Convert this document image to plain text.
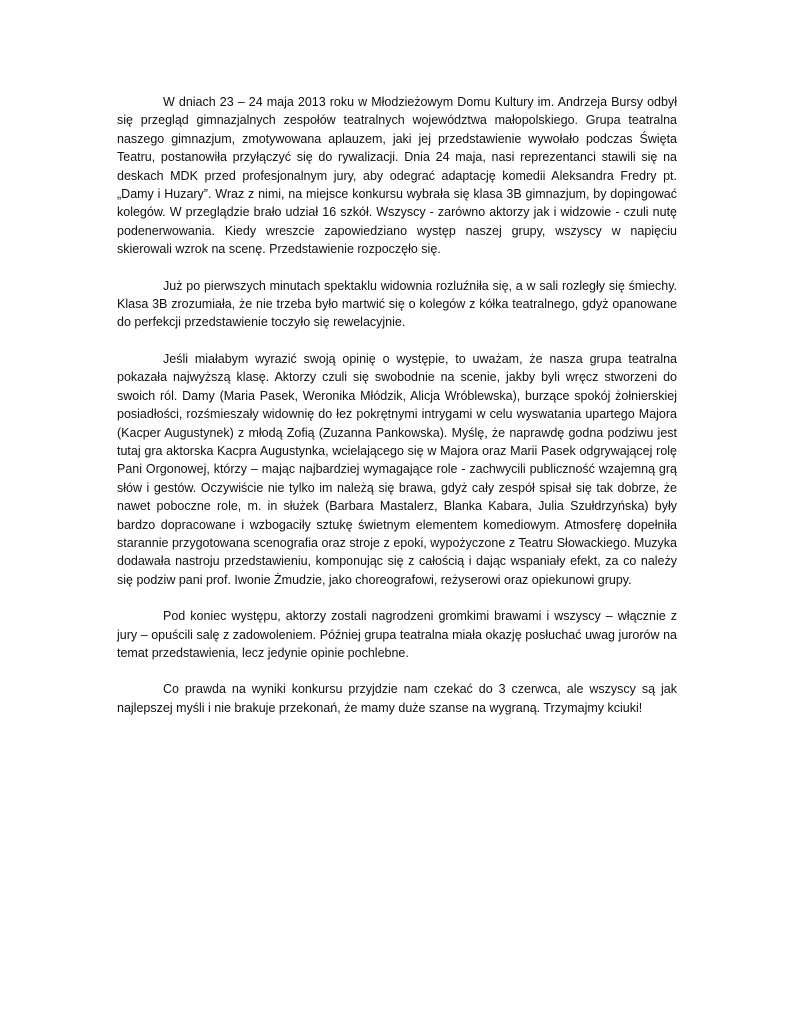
W dniach 23 – 24 maja 2013 roku w Młodzieżowym Domu Kultury im. Andrzeja Bursy odbył się przegląd gimnazjalnych zespołów teatralnych województwa małopolskiego. Grupa teatralna naszego gimnazjum, zmotywowana aplauzem, jaki jej przedstawienie wywołało podczas Święta Teatru, postanowiła przyłączyć się do rywalizacji. Dnia 24 maja, nasi reprezentanci stawili się na deskach MDK przed profesjonalnym jury, aby odegrać adaptację komedii Aleksandra Fredry pt. „Damy i Huzary”. Wraz z nimi, na miejsce konkursu wybrała się klasa 3B gimnazjum, by dopingować kolegów. W przeglądzie brało udział 16 szkół. Wszyscy - zarówno aktorzy jak i widzowie - czuli nutę podenerwowania. Kiedy wreszcie zapowiedziano występ naszej grupy, wszyscy w napięciu skierowali wzrok na scenę. Przedstawienie rozpoczęło się.

Już po pierwszych minutach spektaklu widownia rozluźniła się, a w sali rozległy się śmiechy. Klasa 3B zrozumiała, że nie trzeba było martwić się o kolegów z kółka teatralnego, gdyż opanowane do perfekcji przedstawienie toczyło się rewelacyjnie.

Jeśli miałabym wyrazić swoją opinię o występie, to uważam, że nasza grupa teatralna pokazała najwyższą klasę. Aktorzy czuli się swobodnie na scenie, jakby byli wręcz stworzeni do swoich ról. Damy (Maria Pasek, Weronika Młódzik, Alicja Wróblewska), burzące spokój żołnierskiej posiadłości, rozśmieszały widownię do łez pokrętnymi intrygami w celu wyswatania upartego Majora (Kacper Augustynek) z młodą Zofią (Zuzanna Pankowska). Myślę, że naprawdę godna podziwu jest tutaj gra aktorska Kacpra Augustynka, wcielającego się w Majora oraz Marii Pasek odgrywającej rolę Pani Orgonowej, którzy – mając najbardziej wymagające role - zachwycili publiczność wzajemną grą słów i gestów. Oczywiście nie tylko im należą się brawa, gdyż cały zespół spisał się tak dobrze, że nawet poboczne role, m. in służek (Barbara Mastalerz, Blanka Kabara, Julia Szułdrzyńska) były bardzo dopracowane i wzbogaciły sztukę świetnym elementem komediowym. Atmosferę dopełniła starannie przygotowana scenografia oraz stroje z epoki, wypożyczone z Teatru Słowackiego. Muzyka dodawała nastroju przedstawieniu, komponując się z całością i dając wspaniały efekt, za co należy się podziw pani prof. Iwonie Żmudzie, jako choreografowi, reżyserowi oraz opiekunowi grupy.

Pod koniec występu, aktorzy zostali nagrodzeni gromkimi brawami i wszyscy – włącznie z jury – opuścili salę z zadowoleniem. Później grupa teatralna miała okazję posłuchać uwag jurorów na temat przedstawienia, lecz jedynie opinie pochlebne.

Co prawda na wyniki konkursu przyjdzie nam czekać do 3 czerwca, ale wszyscy są jak najlepszej myśli i nie brakuje przekonań, że mamy duże szanse na wygraną. Trzymajmy kciuki!
